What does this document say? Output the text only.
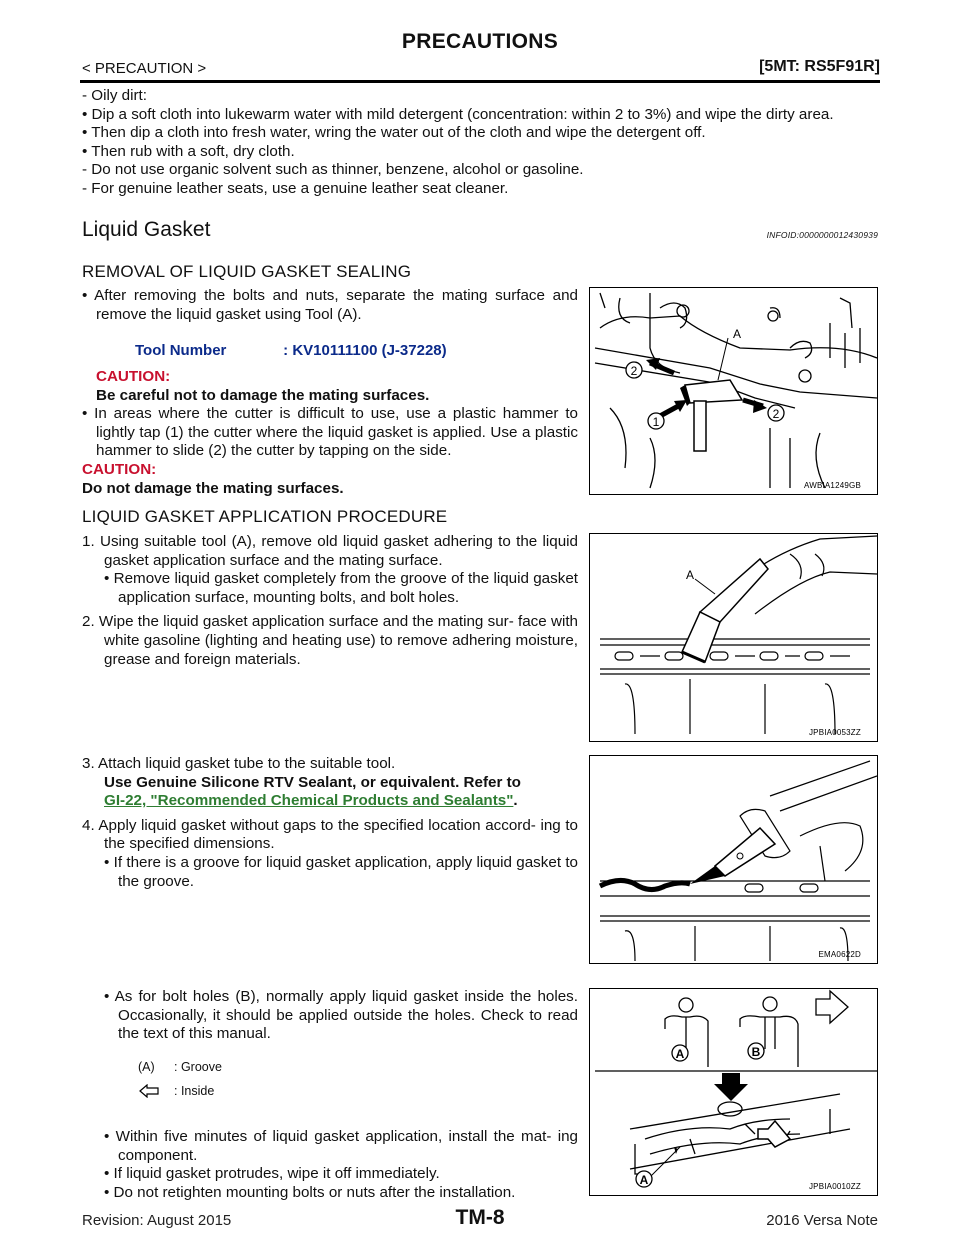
PRECAUTIONS
< PRECAUTION >	[5MT: RS5F91R]

- Oily dirt:

• Dip a soft cloth into lukewarm water with mild detergent (concentration: within 2 to 3%) and wipe the dirty area.

• Then dip a cloth into fresh water, wring the water out of the cloth and wipe the detergent off.

• Then rub with a soft, dry cloth.

- Do not use organic solvent such as thinner, benzene, alcohol or gasoline.

- For genuine leather seats, use a genuine leather seat cleaner.

Liquid Gasket	INFOID:0000000012430939
REMOVAL OF LIQUID GASKET SEALING

• After removing the bolts and nuts, separate the mating surface and remove the liquid gasket using Tool (A).

Tool Number	: KV10111100 (J-37228)

CAUTION:

Be careful not to damage the mating surfaces.

• In areas where the cutter is difficult to use, use a plastic hammer to lightly tap (1) the cutter where the liquid gasket is applied. Use a plastic hammer to slide (2) the cutter by tapping on the side.

CAUTION:

Do not damage the mating surfaces.

LIQUID GASKET APPLICATION PROCEDURE

1. Using suitable tool (A), remove old liquid gasket adhering to the liquid gasket application surface and the mating surface.

• Remove liquid gasket completely from the groove of the liquid gasket application surface, mounting bolts, and bolt holes.

2. Wipe the liquid gasket application surface and the mating sur- face with white gasoline (lighting and heating use) to remove adhering moisture, grease and foreign materials.

3. Attach liquid gasket tube to the suitable tool.

Use Genuine Silicone RTV Sealant, or equivalent. Refer to

GI-22, "Recommended Chemical Products and Sealants".

4. Apply liquid gasket without gaps to the specified location accord- ing to the specified dimensions.

• If there is a groove for liquid gasket application, apply liquid gasket to the groove.

• As for bolt holes (B), normally apply liquid gasket inside the holes. Occasionally, it should be applied outside the holes. Check to read the text of this manual.

(A) : Groove
: Inside

• Within five minutes of liquid gasket application, install the mat- ing component.

• If liquid gasket protrudes, wipe it off immediately.

• Do not retighten mounting bolts or nuts after the installation.

2
1
2
A
AWBIA1249GB
A
JPBIA0053ZZ
EMA0622D
A	B
A	JPBIA0010ZZ
Revision: August 2015	TM-8	2016 Versa Note
